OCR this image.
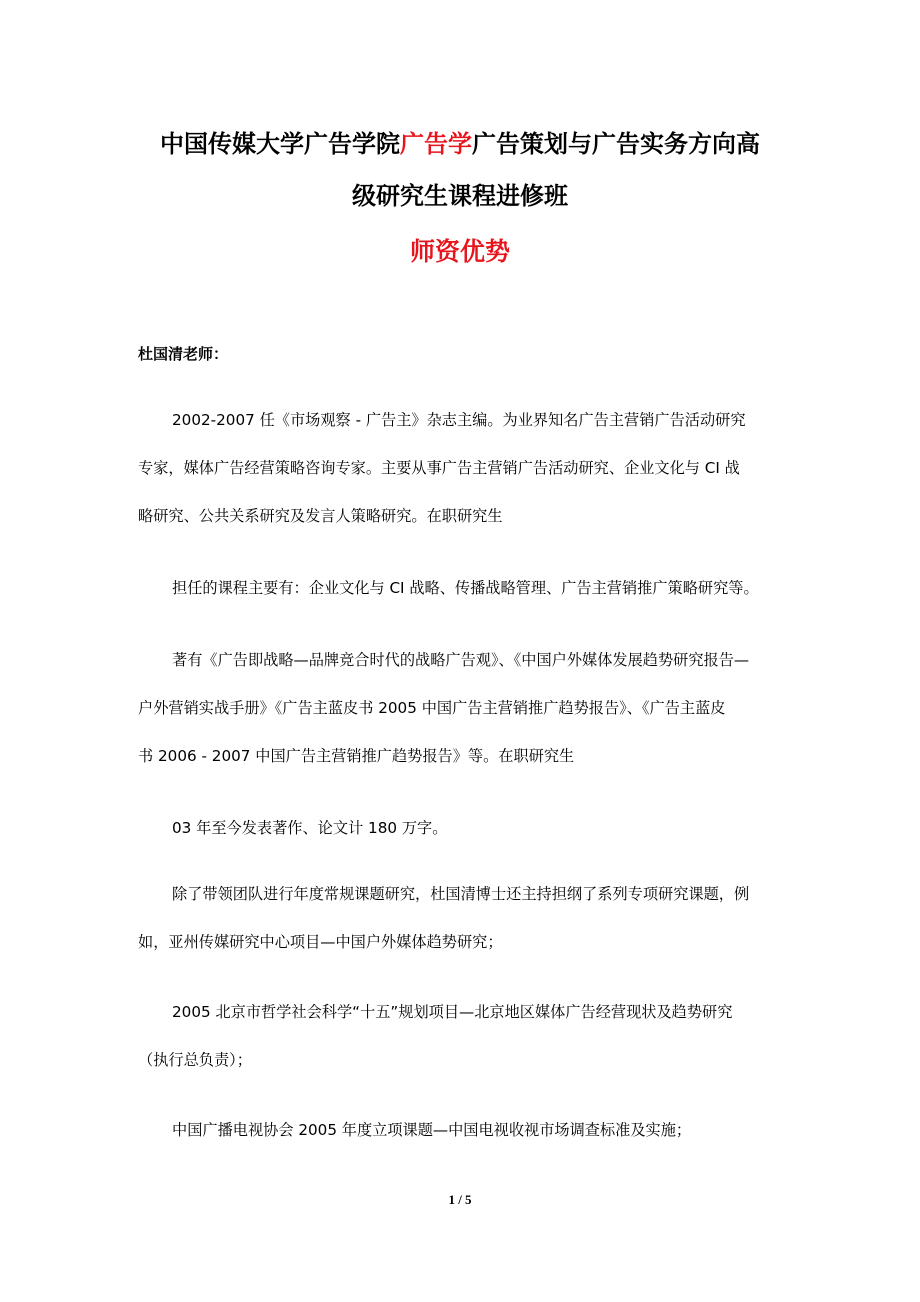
中国传媒大学广告学院广告学广告策划与广告实务方向高
级研究生课程进修班
师资优势
杜国清老师：
2002-2007 任《市场观察 - 广告主》杂志主编。为业界知名广告主营销广告活动研究
专家，媒体广告经营策略咨询专家。主要从事广告主营销广告活动研究、企业文化与 CI 战
略研究、公共关系研究及发言人策略研究。在职研究生
担任的课程主要有：企业文化与 CI 战略、传播战略管理、广告主营销推广策略研究等。
著有《广告即战略—品牌竞合时代的战略广告观》、《中国户外媒体发展趋势研究报告—
户外营销实战手册》《广告主蓝皮书 2005 中国广告主营销推广趋势报告》、《广告主蓝皮
书 2006 - 2007 中国广告主营销推广趋势报告》等。在职研究生
03 年至今发表著作、论文计 180 万字。
除了带领团队进行年度常规课题研究，杜国清博士还主持担纲了系列专项研究课题，例
如，亚州传媒研究中心项目—中国户外媒体趋势研究；
2005 北京市哲学社会科学“十五”规划项目—北京地区媒体广告经营现状及趋势研究
（执行总负责）；
中国广播电视协会 2005 年度立项课题—中国电视收视市场调查标准及实施；
1 / 5
